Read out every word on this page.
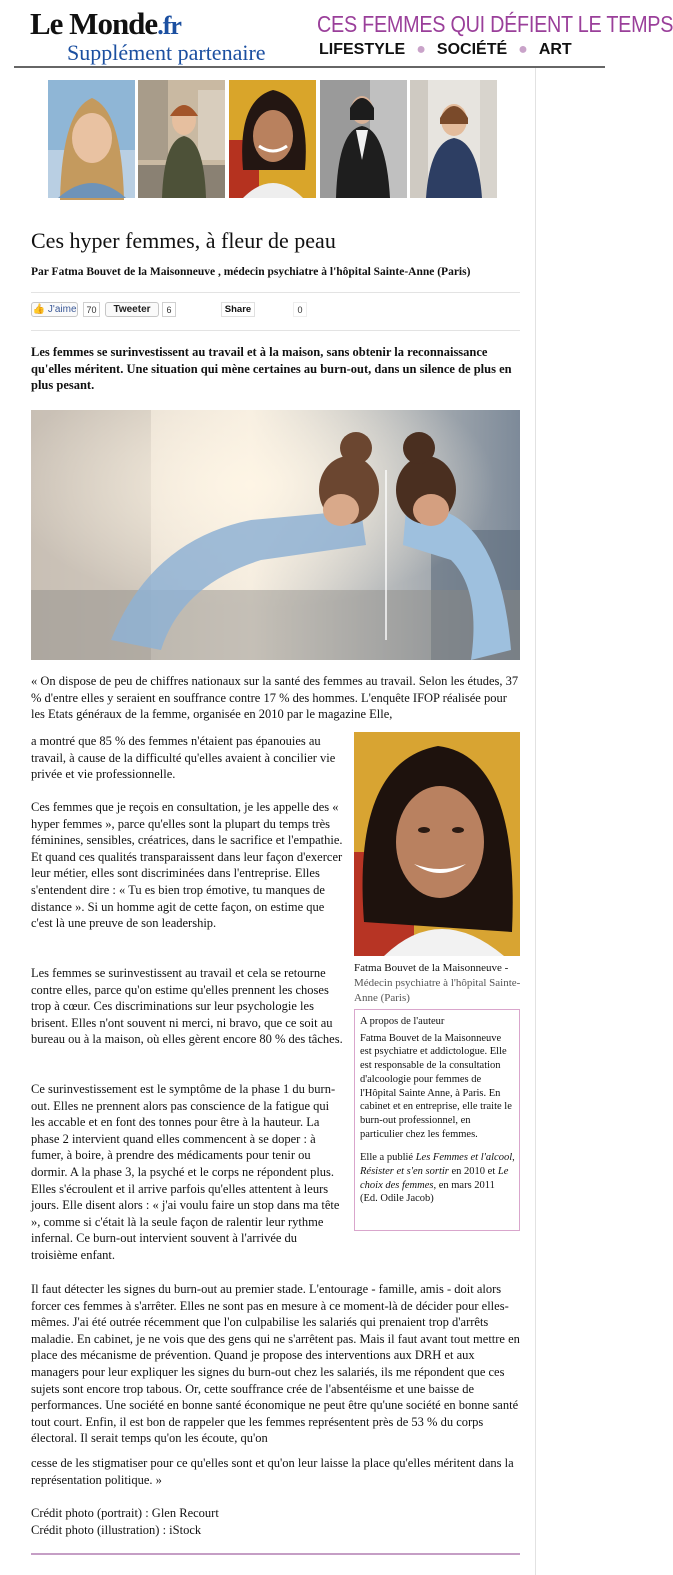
Le Monde.fr
Supplément partenaire
CES FEMMES QUI DÉFIENT LE TEMPS
LIFESTYLE ● SOCIÉTÉ ● ART
Ces hyper femmes, à fleur de peau
Par Fatma Bouvet de la Maisonneuve , médecin psychiatre à l'hôpital Sainte-Anne (Paris)
👍 J'aime	70	Tweeter	6	Share	0
Les femmes se surinvestissent au travail et à la maison, sans obtenir la reconnaissance qu'elles méritent. Une situation qui mène certaines au burn-out, dans un silence de plus en plus pesant.

« On dispose de peu de chiffres nationaux sur la santé des femmes au travail. Selon les études, 37 % d'entre elles y seraient en souffrance contre 17 % des hommes. L'enquête IFOP réalisée pour les Etats généraux de la femme, organisée en 2010 par le magazine Elle,

a montré que 85 % des femmes n'étaient pas épanouies au travail, à cause de la difficulté qu'elles avaient à concilier vie privée et vie professionnelle.

Ces femmes que je reçois en consultation, je les appelle des « hyper femmes », parce qu'elles sont la plupart du temps très féminines, sensibles, créatrices, dans le sacrifice et l'empathie. Et quand ces qualités transparaissent dans leur façon d'exercer leur métier, elles sont discriminées dans l'entreprise. Elles s'entendent dire : « Tu es bien trop émotive, tu manques de distance ». Si un homme agit de cette façon, on estime que c'est là une preuve de son leadership.

Les femmes se surinvestissent au travail et cela se retourne contre elles, parce qu'on estime qu'elles prennent les choses trop à cœur. Ces discriminations sur leur psychologie les brisent. Elles n'ont souvent ni merci, ni bravo, que ce soit au bureau ou à la maison, où elles gèrent encore 80 % des tâches.

Ce surinvestissement est le symptôme de la phase 1 du burn-out. Elles ne prennent alors pas conscience de la fatigue qui les accable et en font des tonnes pour être à la hauteur. La phase 2 intervient quand elles commencent à se doper : à fumer, à boire, à prendre des médicaments pour tenir ou dormir. A la phase 3, la psyché et le corps ne répondent plus. Elles s'écroulent et il arrive parfois qu'elles attentent à leurs jours. Elle disent alors : « j'ai voulu faire un stop dans ma tête », comme si c'était là la seule façon de ralentir leur rythme infernal. Ce burn-out intervient souvent à l'arrivée du troisième enfant.

Il faut détecter les signes du burn-out au premier stade. L'entourage - famille, amis - doit alors forcer ces femmes à s'arrêter. Elles ne sont pas en mesure à ce moment-là de décider pour elles-mêmes. J'ai été outrée récemment que l'on culpabilise les salariés qui prenaient trop d'arrêts maladie. En cabinet, je ne vois que des gens qui ne s'arrêtent pas. Mais il faut avant tout mettre en place des mécanisme de prévention. Quand je propose des interventions aux DRH et aux managers pour leur expliquer les signes du burn-out chez les salariés, ils me répondent que ces sujets sont encore trop tabous. Or, cette souffrance crée de l'absentéisme et une baisse de performances. Une société en bonne santé économique ne peut être qu'une société en bonne santé tout court. Enfin, il est bon de rappeler que les femmes représentent près de 53 % du corps électoral. Il serait temps qu'on les écoute, qu'on

cesse de les stigmatiser pour ce qu'elles sont et qu'on leur laisse la place qu'elles méritent dans la représentation politique. »

Fatma Bouvet de la Maisonneuve -
Médecin psychiatre à l'hôpital Sainte-Anne (Paris)
A propos de l'auteur

Fatma Bouvet de la Maisonneuve est psychiatre et addictologue. Elle est responsable de la consultation d'alcoologie pour femmes de l'Hôpital Sainte Anne, à Paris. En cabinet et en entreprise, elle traite le burn-out professionnel, en particulier chez les femmes.

Elle a publié Les Femmes et l'alcool, Résister et s'en sortir en 2010 et Le choix des femmes, en mars 2011 (Ed. Odile Jacob)

Crédit photo (portrait) : Glen Recourt
Crédit photo (illustration) : iStock
